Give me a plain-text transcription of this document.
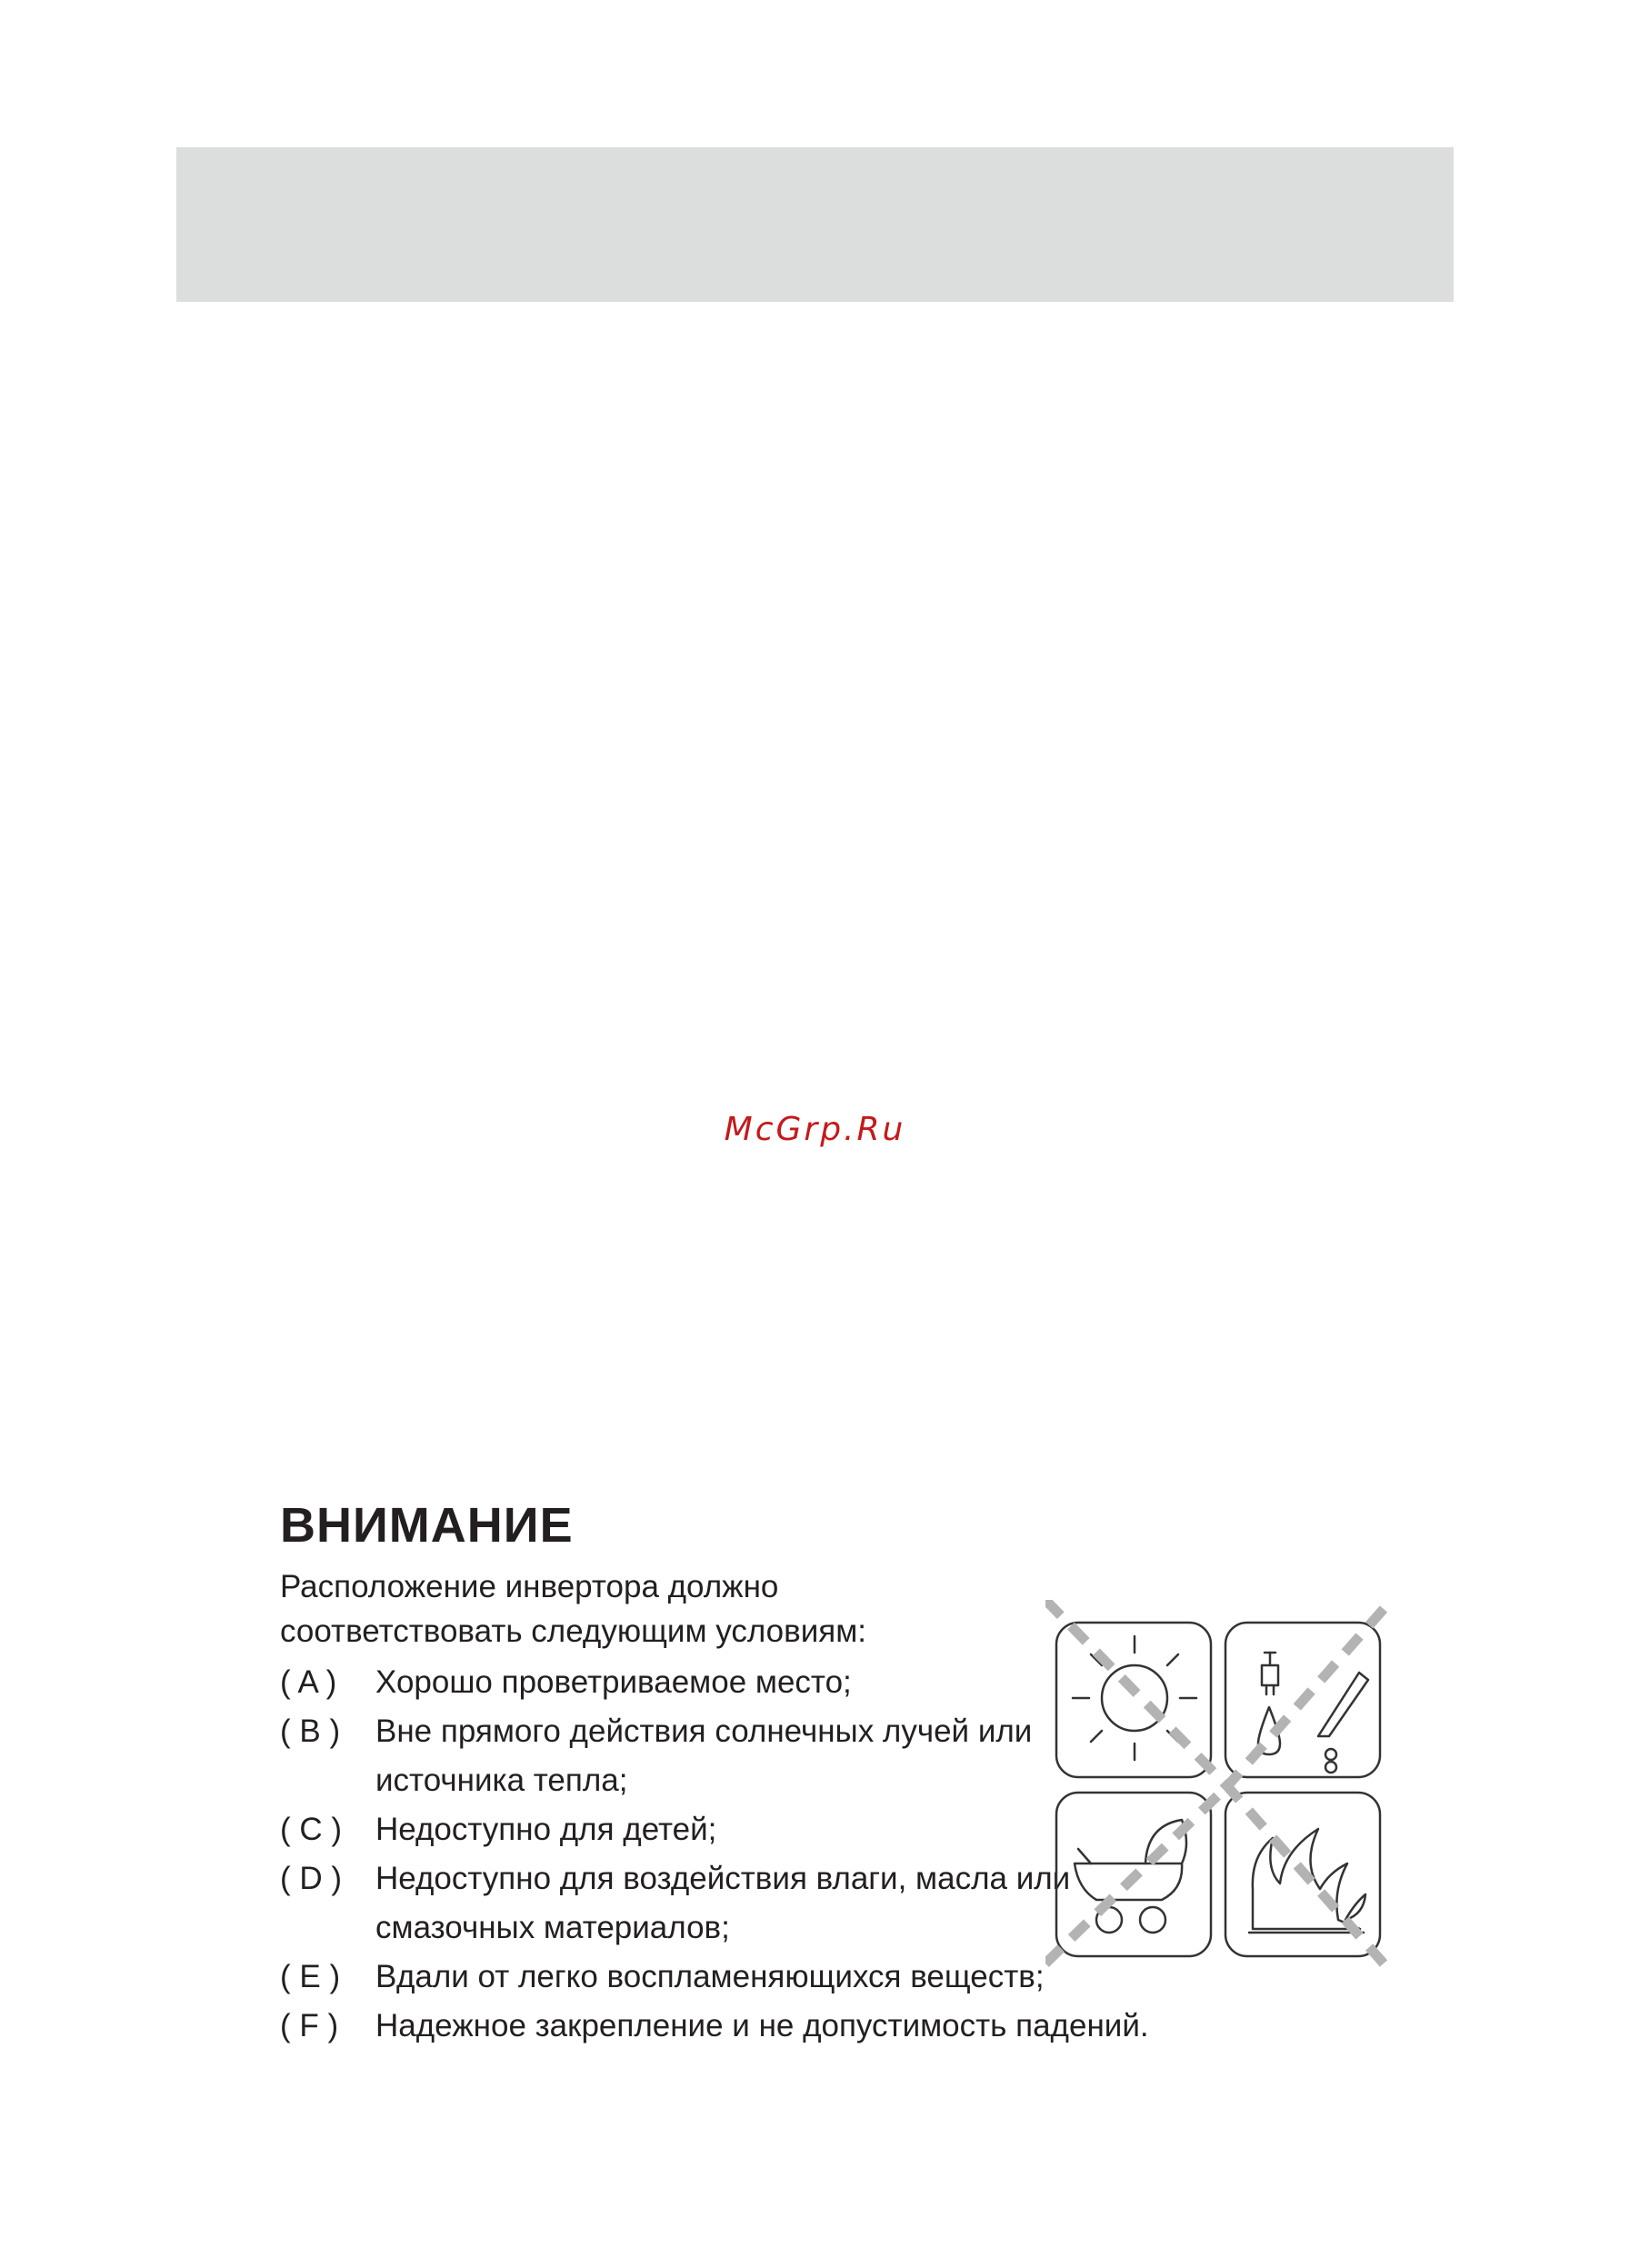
McGrp.Ru
ВНИМАНИЕ

Расположение инвертора должно
соответствовать следующим условиям:

( A ) Хорошо проветриваемое место;
( B ) Вне прямого действия солнечных лучей или источника тепла;
( C ) Недоступно для детей;
( D ) Недоступно для воздействия влаги, масла или смазочных материалов;
( E ) Вдали от легко воспламеняющихся веществ;
( F ) Надежное закрепление и не допустимость падений.
